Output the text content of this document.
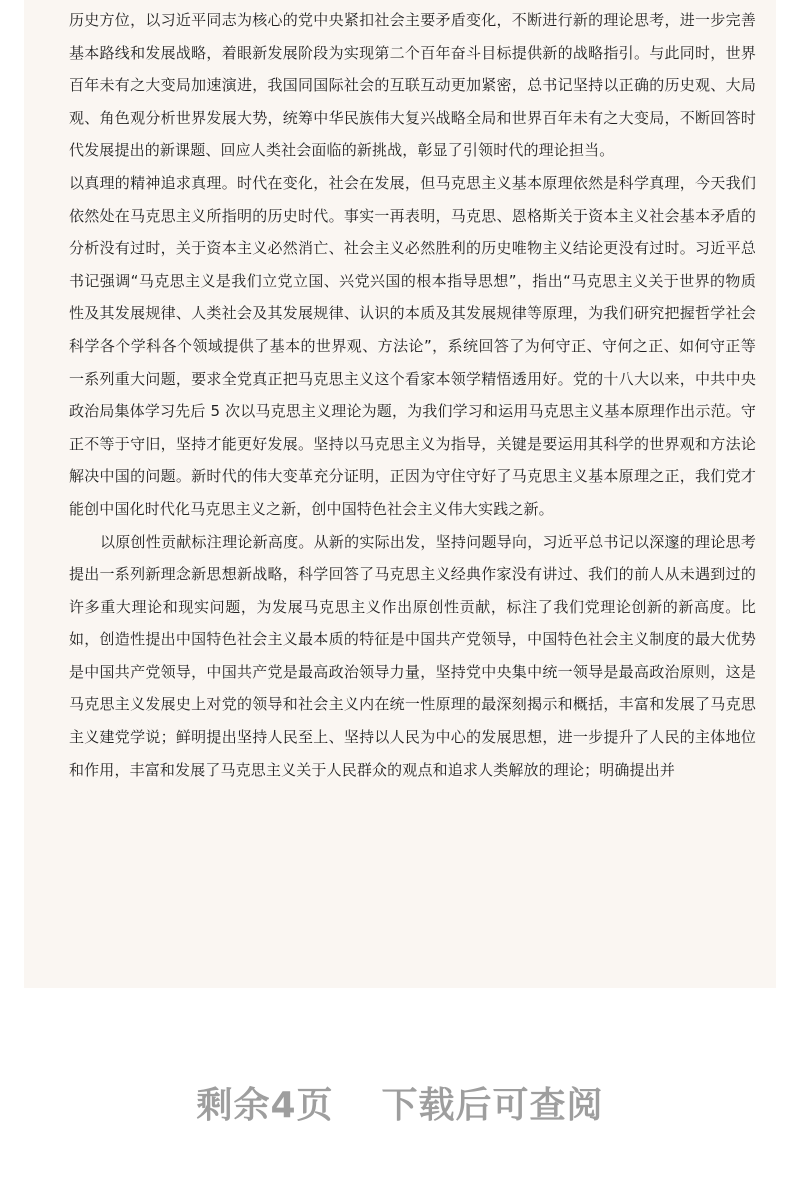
历史方位，以习近平同志为核心的党中央紧扣社会主要矛盾变化，不断进行新的理论思考，进一步完善基本路线和发展战略，着眼新发展阶段为实现第二个百年奋斗目标提供新的战略指引。与此同时，世界百年未有之大变局加速演进，我国同国际社会的互联互动更加紧密，总书记坚持以正确的历史观、大局观、角色观分析世界发展大势，统筹中华民族伟大复兴战略全局和世界百年未有之大变局，不断回答时代发展提出的新课题、回应人类社会面临的新挑战，彰显了引领时代的理论担当。

以真理的精神追求真理。时代在变化，社会在发展，但马克思主义基本原理依然是科学真理，今天我们依然处在马克思主义所指明的历史时代。事实一再表明，马克思、恩格斯关于资本主义社会基本矛盾的分析没有过时，关于资本主义必然消亡、社会主义必然胜利的历史唯物主义结论更没有过时。习近平总书记强调“马克思主义是我们立党立国、兴党兴国的根本指导思想”，指出“马克思主义关于世界的物质性及其发展规律、人类社会及其发展规律、认识的本质及其发展规律等原理，为我们研究把握哲学社会科学各个学科各个领域提供了基本的世界观、方法论”，系统回答了为何守正、守何之正、如何守正等一系列重大问题，要求全党真正把马克思主义这个看家本领学精悟透用好。党的十八大以来，中共中央政治局集体学习先后 5 次以马克思主义理论为题，为我们学习和运用马克思主义基本原理作出示范。守正不等于守旧，坚持才能更好发展。坚持以马克思主义为指导，关键是要运用其科学的世界观和方法论解决中国的问题。新时代的伟大变革充分证明，正因为守住守好了马克思主义基本原理之正，我们党才能创中国化时代化马克思主义之新，创中国特色社会主义伟大实践之新。

以原创性贡献标注理论新高度。从新的实际出发，坚持问题导向，习近平总书记以深邃的理论思考提出一系列新理念新思想新战略，科学回答了马克思主义经典作家没有讲过、我们的前人从未遇到过的许多重大理论和现实问题，为发展马克思主义作出原创性贡献，标注了我们党理论创新的新高度。比如，创造性提出中国特色社会主义最本质的特征是中国共产党领导，中国特色社会主义制度的最大优势是中国共产党领导，中国共产党是最高政治领导力量，坚持党中央集中统一领导是最高政治原则，这是马克思主义发展史上对党的领导和社会主义内在统一性原理的最深刻揭示和概括，丰富和发展了马克思主义建党学说；鲜明提出坚持人民至上、坚持以人民为中心的发展思想，进一步提升了人民的主体地位和作用，丰富和发展了马克思主义关于人民群众的观点和追求人类解放的理论；明确提出并

剩余4页 下载后可查阅
